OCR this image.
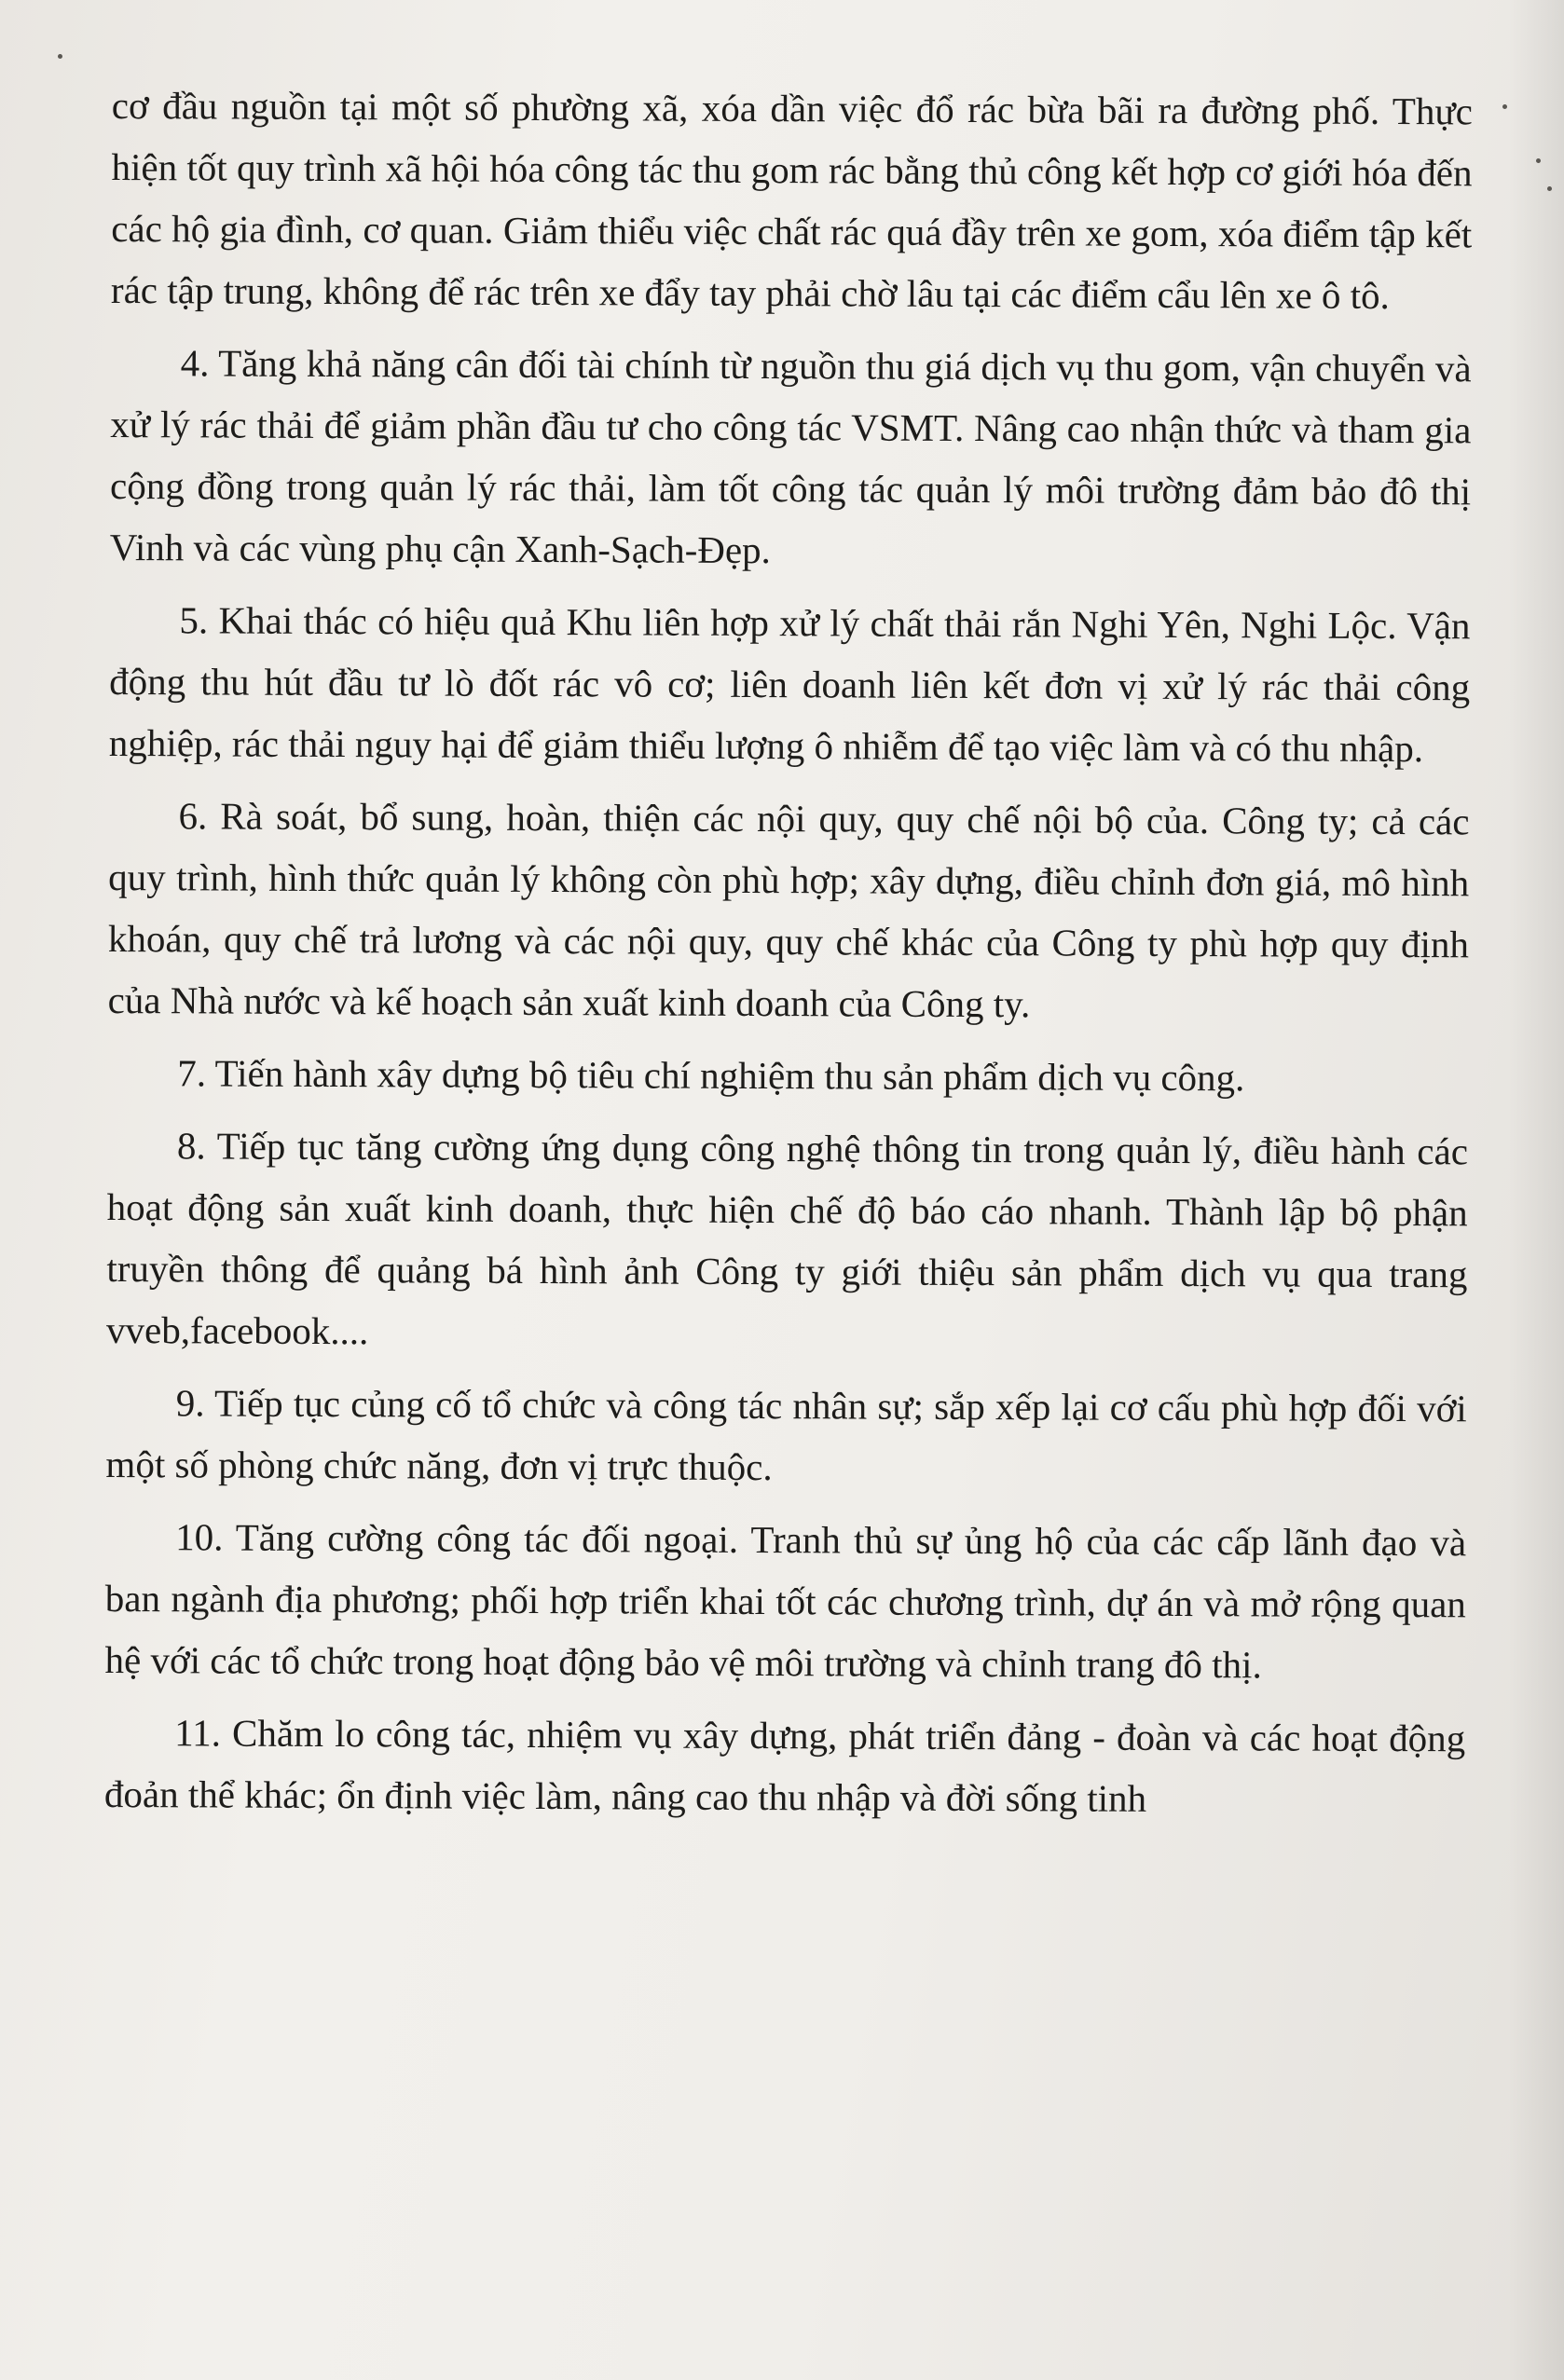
cơ đầu nguồn tại một số phường xã, xóa dần việc đổ rác bừa bãi ra đường phố. Thực hiện tốt quy trình xã hội hóa công tác thu gom rác bằng thủ công kết hợp cơ giới hóa đến các hộ gia đình, cơ quan. Giảm thiểu việc chất rác quá đầy trên xe gom, xóa điểm tập kết rác tập trung, không để rác trên xe đẩy tay phải chờ lâu tại các điểm cẩu lên xe ô tô.

4. Tăng khả năng cân đối tài chính từ nguồn thu giá dịch vụ thu gom, vận chuyển và xử lý rác thải để giảm phần đầu tư cho công tác VSMT. Nâng cao nhận thức và tham gia cộng đồng trong quản lý rác thải, làm tốt công tác quản lý môi trường đảm bảo đô thị Vinh và các vùng phụ cận Xanh-Sạch-Đẹp.

5. Khai thác có hiệu quả Khu liên hợp xử lý chất thải rắn Nghi Yên, Nghi Lộc. Vận động thu hút đầu tư lò đốt rác vô cơ; liên doanh liên kết đơn vị xử lý rác thải công nghiệp, rác thải nguy hại để giảm thiểu lượng ô nhiễm để tạo việc làm và có thu nhập.

6. Rà soát, bổ sung, hoàn, thiện các nội quy, quy chế nội bộ của. Công ty; cả các quy trình, hình thức quản lý không còn phù hợp; xây dựng, điều chỉnh đơn giá, mô hình khoán, quy chế trả lương và các nội quy, quy chế khác của Công ty phù hợp quy định của Nhà nước và kế hoạch sản xuất kinh doanh của Công ty.

7. Tiến hành xây dựng bộ tiêu chí nghiệm thu sản phẩm dịch vụ công.

8. Tiếp tục tăng cường ứng dụng công nghệ thông tin trong quản lý, điều hành các hoạt động sản xuất kinh doanh, thực hiện chế độ báo cáo nhanh. Thành lập bộ phận truyền thông để quảng bá hình ảnh Công ty giới thiệu sản phẩm dịch vụ qua trang vveb,facebook....

9. Tiếp tục củng cố tổ chức và công tác nhân sự; sắp xếp lại cơ cấu phù hợp đối với một số phòng chức năng, đơn vị trực thuộc.

10. Tăng cường công tác đối ngoại. Tranh thủ sự ủng hộ của các cấp lãnh đạo và ban ngành địa phương; phối hợp triển khai tốt các chương trình, dự án và mở rộng quan hệ với các tổ chức trong hoạt động bảo vệ môi trường và chỉnh trang đô thị.

11. Chăm lo công tác, nhiệm vụ xây dựng, phát triển đảng - đoàn và các hoạt động đoản thể khác; ổn định việc làm, nâng cao thu nhập và đời sống tinh
